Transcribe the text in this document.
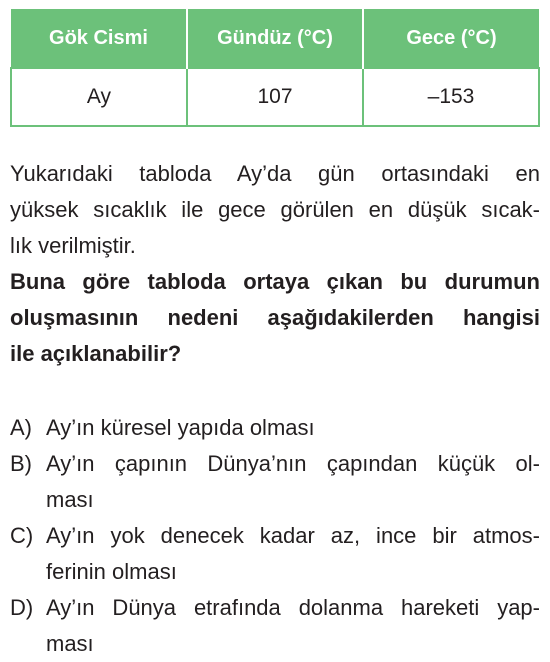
Gök Cismi	Gündüz (°C)	Gece (°C)
Ay	107	–153

Yukarıdaki tabloda Ay’da gün ortasındaki en
yüksek sıcaklık ile gece görülen en düşük sıcak-
lık verilmiştir.

Buna göre tabloda ortaya çıkan bu durumun
oluşmasının nedeni aşağıdakilerden hangisi
ile açıklanabilir?

A) Ay’ın küresel yapıda olması
B) Ay’ın çapının Dünya’nın çapından küçük ol-
ması
C) Ay’ın yok denecek kadar az, ince bir atmos-
ferinin olması
D) Ay’ın Dünya etrafında dolanma hareketi yap-
ması
